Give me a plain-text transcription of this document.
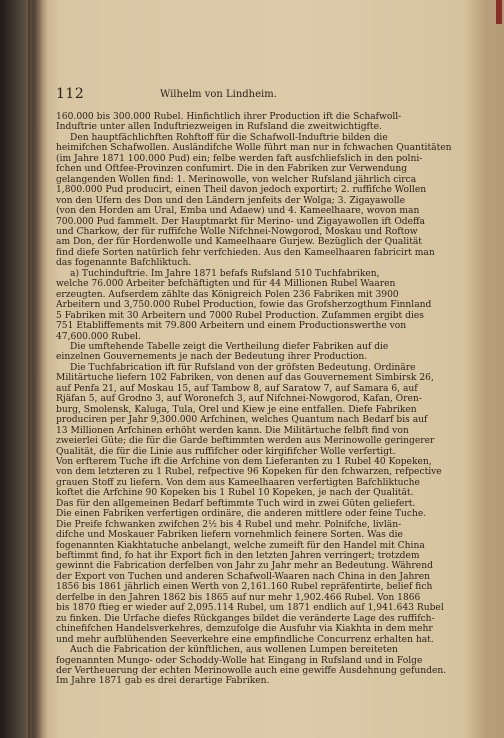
112	Wilhelm von Lindheim.
160.000 bis 300.000 Rubel. Hinfichtlich ihrer Production ift die Schafwoll-
Induftrie unter allen Induftriezweigen in Rufsland die zweitwichtigfte.
Den hauptfächlichften Rohftoff für die Schafwoll-Induftrie bilden die
heimifchen Schafwollen. Ausländifche Wolle führt man nur in fchwachen Quantitäten
(im Jahre 1871 100.000 Pud) ein; felbe werden faft ausfchliefslich in den polni-
fchen und Oftfee-Provinzen confumirt. Die in den Fabriken zur Verwendung
gelangenden Wollen find: 1. Merinowolle, von welcher Rufsland jährlich circa
1,800.000 Pud producirt, einen Theil davon jedoch exportirt; 2. ruffifche Wollen
von den Ufern des Don und den Ländern jenfeits der Wolga; 3. Zigayawolle
(von den Horden am Ural, Emba und Adaew) und 4. Kameelhaare, wovon man
700.000 Pud fammelt. Der Hauptmarkt für Merino- und Zigayawollen ift Odeffa
und Charkow, der für ruffifche Wolle Nifchnei-Nowgorod, Moskau und Roftow
am Don, der für Hordenwolle und Kameelhaare Gurjew. Bezüglich der Qualität
find diefe Sorten natürlich fehr verfchieden. Aus den Kameelhaaren fabricirt man
das fogenannte Bafchliktuch.
a) Tuchinduftrie. Im Jahre 1871 befafs Rufsland 510 Tuchfabriken,
welche 76.000 Arbeiter befchäftigten und für 44 Millionen Rubel Waaren
erzeugten. Aufserdem zählte das Königreich Polen 236 Fabriken mit 3900
Arbeitern und 3,750.000 Rubel Production, fowie das Grofsherzogthum Finnland
5 Fabriken mit 30 Arbeitern und 7000 Rubel Production. Zufammen ergibt dies
751 Etabliffements mit 79.800 Arbeitern und einem Productionswerthe von
47,600.000 Rubel.
Die umftehende Tabelle zeigt die Vertheilung diefer Fabriken auf die
einzelnen Gouvernements je nach der Bedeutung ihrer Production.
Die Tuchfabrication ift für Rufsland von der gröfsten Bedeutung. Ordinäre
Militärtuche liefern 102 Fabriken, von denen auf das Gouvernement Simbirsk 26,
auf Penfa 21, auf Moskau 15, auf Tambow 8, auf Saratow 7, auf Samara 6, auf
Rjäfan 5, auf Grodno 3, auf Woronefch 3, auf Nifchnei-Nowgorod, Kafan, Oren-
burg, Smolensk, Kaluga, Tula, Orel und Kiew je eine entfallen. Diefe Fabriken
produciren per Jahr 9,300.000 Arfchinen, welches Quantum nach Bedarf bis auf
13 Millionen Arfchinen erhöht werden kann. Die Militärtuche felbft find von
zweierlei Güte; die für die Garde beftimmten werden aus Merinowolle geringerer
Qualität, die für die Linie aus ruffifcher oder kirgififcher Wolle verfertigt.
Von erfterem Tuche ift die Arfchine von dem Lieferanten zu 1 Rubel 40 Kopeken,
von dem letzteren zu 1 Rubel, refpective 96 Kopeken für den fchwarzen, refpective
grauen Stoff zu liefern. Von dem aus Kameelhaaren verfertigten Bafchliktuche
koftet die Arfchine 90 Kopeken bis 1 Rubel 10 Kopeken, je nach der Qualität.
Das für den allgemeinen Bedarf beftimmte Tuch wird in zwei Güten geliefert.
Die einen Fabriken verfertigen ordinäre, die anderen mittlere oder feine Tuche.
Die Preife fchwanken zwifchen 2½ bis 4 Rubel und mehr. Polnifche, livlän-
difche und Moskauer Fabriken liefern vornehmlich feinere Sorten. Was die
fogenannten Kiakhtatuche anbelangt, welche zumeift für den Handel mit China
beftimmt find, fo hat ihr Export fich in den letzten Jahren verringert; trotzdem
gewinnt die Fabrication derfelben von Jahr zu Jahr mehr an Bedeutung. Während
der Export von Tuchen und anderen Schafwoll-Waaren nach China in den Jahren
1856 bis 1861 jährlich einen Werth von 2,161.160 Rubel repräfentirte, belief fich
derfelbe in den Jahren 1862 bis 1865 auf nur mehr 1,902.466 Rubel. Von 1866
bis 1870 ftieg er wieder auf 2,095.114 Rubel, um 1871 endlich auf 1,941.643 Rubel
zu finken. Die Urfache diefes Rückganges bildet die veränderte Lage des ruffifch-
chinefifchen Handelsverkehres, demzufolge die Ausfuhr via Kiakhta in dem mehr
und mehr aufblühenden Seeverkehre eine empfindliche Concurrenz erhalten hat.
Auch die Fabrication der künftlichen, aus wollenen Lumpen bereiteten
fogenannten Mungo- oder Schoddy-Wolle hat Eingang in Rufsland und in Folge
der Vertheuerung der echten Merinowolle auch eine gewiffe Ausdehnung gefunden.
Im Jahre 1871 gab es drei derartige Fabriken.
